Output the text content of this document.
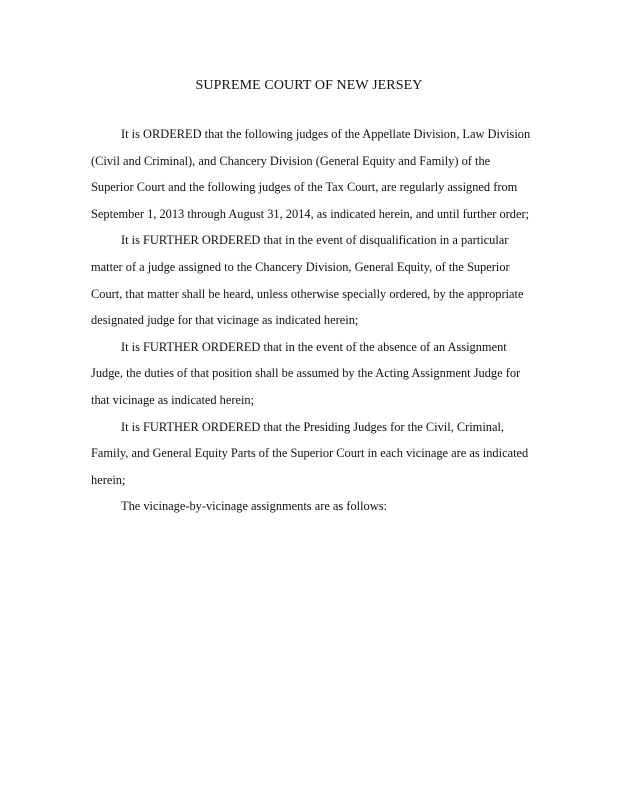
SUPREME COURT OF NEW JERSEY

It is ORDERED that the following judges of the Appellate Division, Law Division (Civil and Criminal), and Chancery Division (General Equity and Family) of the Superior Court and the following judges of the Tax Court, are regularly assigned from September 1, 2013 through August 31, 2014, as indicated herein, and until further order;

It is FURTHER ORDERED that in the event of disqualification in a particular matter of a judge assigned to the Chancery Division, General Equity, of the Superior Court, that matter shall be heard, unless otherwise specially ordered, by the appropriate designated judge for that vicinage as indicated herein;

It is FURTHER ORDERED that in the event of the absence of an Assignment Judge, the duties of that position shall be assumed by the Acting Assignment Judge for that vicinage as indicated herein;

It is FURTHER ORDERED that the Presiding Judges for the Civil, Criminal, Family, and General Equity Parts of the Superior Court in each vicinage are as indicated herein;

The vicinage-by-vicinage assignments are as follows:
